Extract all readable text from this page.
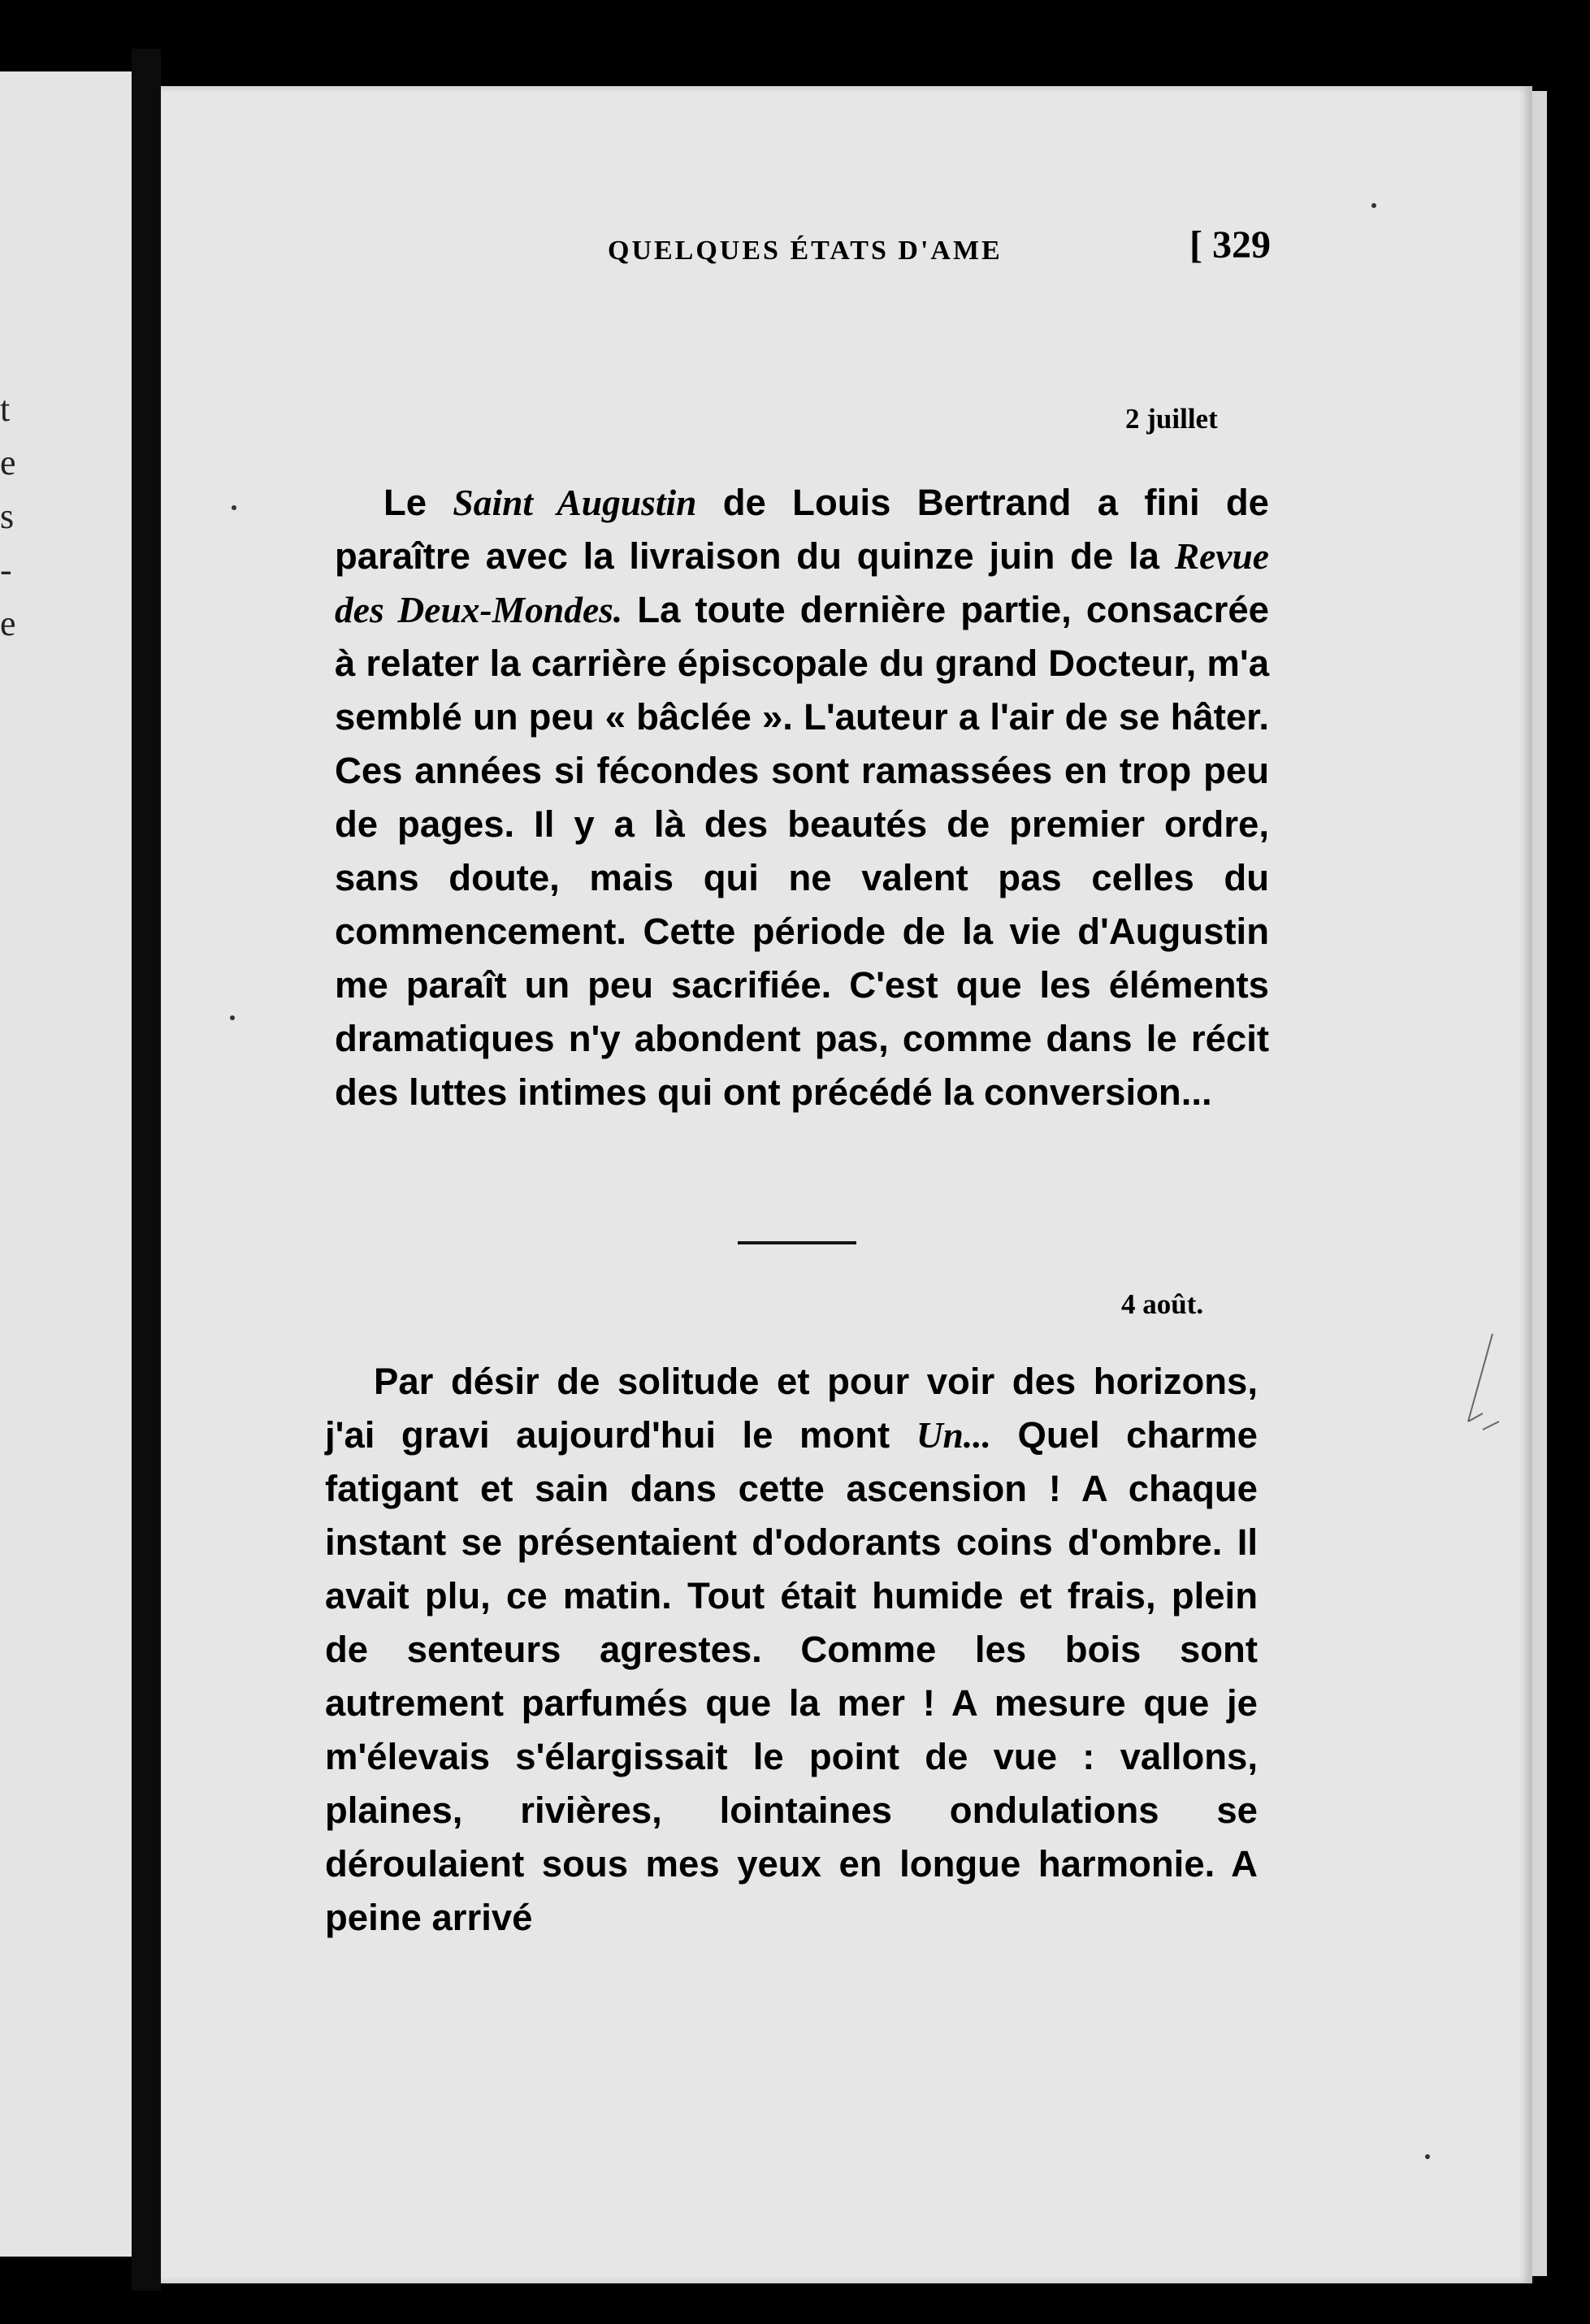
t
e
s
-
e
QUELQUES ÉTATS D'AME	[ 329
2 juillet

Le Saint Augustin de Louis Bertrand a fini de paraître avec la livraison du quinze juin de la Revue des Deux-Mondes. La toute dernière partie, consacrée à relater la carrière épiscopale du grand Docteur, m'a semblé un peu « bâclée ». L'auteur a l'air de se hâter. Ces années si fécondes sont ramassées en trop peu de pages. Il y a là des beautés de premier ordre, sans doute, mais qui ne valent pas celles du commencement. Cette période de la vie d'Augustin me paraît un peu sacrifiée. C'est que les éléments dramatiques n'y abondent pas, comme dans le récit des luttes intimes qui ont précédé la conversion...

4 août.

Par désir de solitude et pour voir des horizons, j'ai gravi aujourd'hui le mont Un... Quel charme fatigant et sain dans cette ascension ! A chaque instant se présentaient d'odorants coins d'ombre. Il avait plu, ce matin. Tout était humide et frais, plein de senteurs agrestes. Comme les bois sont autrement parfumés que la mer ! A mesure que je m'élevais s'élargissait le point de vue : vallons, plaines, rivières, lointaines ondulations se déroulaient sous mes yeux en longue harmonie. A peine arrivé
